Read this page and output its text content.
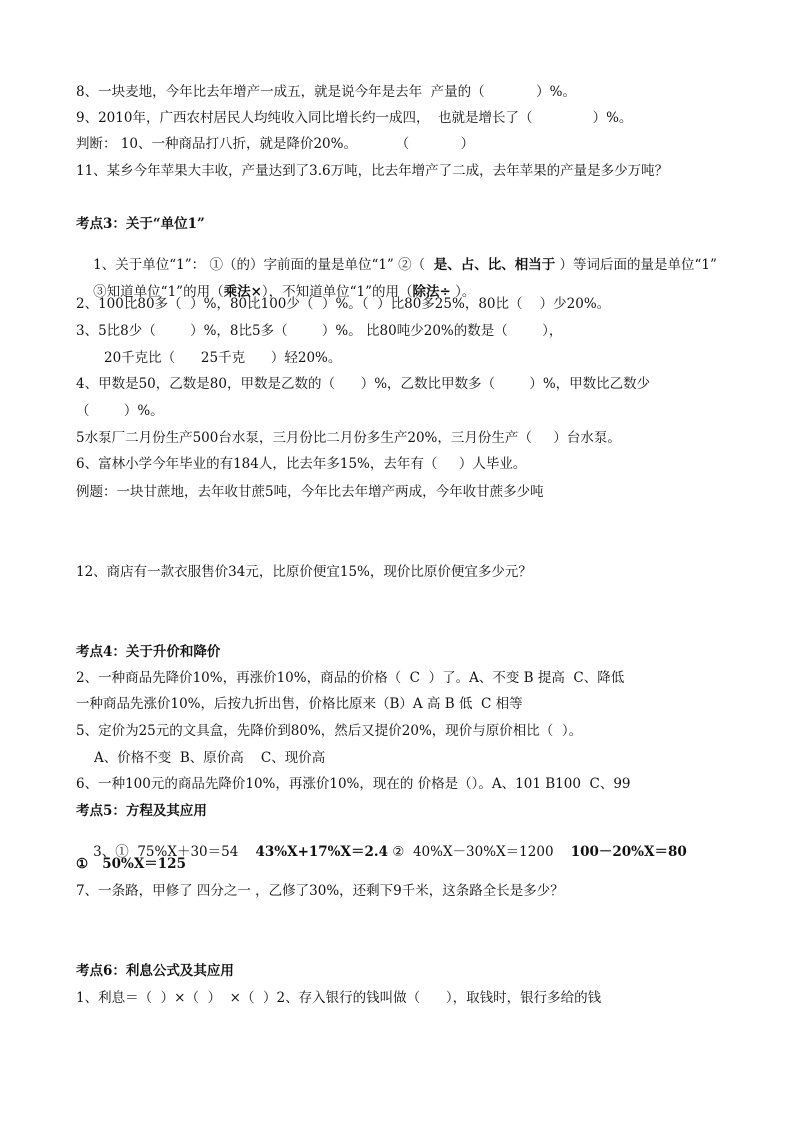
8、一块麦地，今年比去年增产一成五，就是说今年是去年  产量的（            ）%。
9、2010年，广西农村居民人均纯收入同比增长约一成四，  也就是增长了（              ）%。
判断： 10、一种商品打八折，就是降价20%。         （            ）
11、某乡今年苹果大丰收，产量达到了3.6万吨，比去年增产了二成，去年苹果的产量是多少万吨？
考点3：关于“单位1”

1、关于单位“1”： ①（的）字前面的量是单位“1” ②（  是、占、比、相当于 ）等词后面的量是单位“1”

③知道单位“1”的用（乘法×），不知道单位“1”的用（除法÷ ）。

2、100比80多（  ）%，80比100少（  ）%。（  ）比80多25%，80比（    ）少20%。
3、5比8少（        ）%，8比5多（        ）%。 比80吨少20%的数是（        ），
20千克比（      25千克      ）轻20%。
4、甲数是50，乙数是80，甲数是乙数的（      ）%，乙数比甲数多（        ）%，甲数比乙数少
（        ）%。
5水泵厂二月份生产500台水泵，三月份比二月份多生产20%，三月份生产（     ）台水泵。
6、富林小学今年毕业的有184人，比去年多15%，去年有（     ）人毕业。
例题：一块甘蔗地，去年收甘蔗5吨，今年比去年增产两成，今年收甘蔗多少吨
12、商店有一款衣服售价34元，比原价便宜15%，现价比原价便宜多少元？
考点4：关于升价和降价
2、一种商品先降价10%，再涨价10%，商品的价格（  C  ）了。A、不变 B 提高  C、降低
一种商品先涨价10%，后按九折出售，价格比原来（B）A 高 B 低  C 相等
5、定价为25元的文具盒，先降价到80%，然后又提价20%，现价与原价相比（  ）。
A、价格不变  B、原价高    C、现价高
6、一种100元的商品先降价10%，再涨价10%，现在的 价格是（）。A、101 B100  C、99
考点5：方程及其应用

3、①  75%X＋30＝54    43%X+17%X＝2.4 ②  40%X－30%X＝1200    100－20%X＝80

①   50%X＝125
7、一条路，甲修了 四分之一 ，乙修了30%，还剩下9千米，这条路全长是多少？
考点6：利息公式及其应用
1、利息＝（  ）×（  ）  ×（  ）2、存入银行的钱叫做（      ），取钱时，银行多给的钱
